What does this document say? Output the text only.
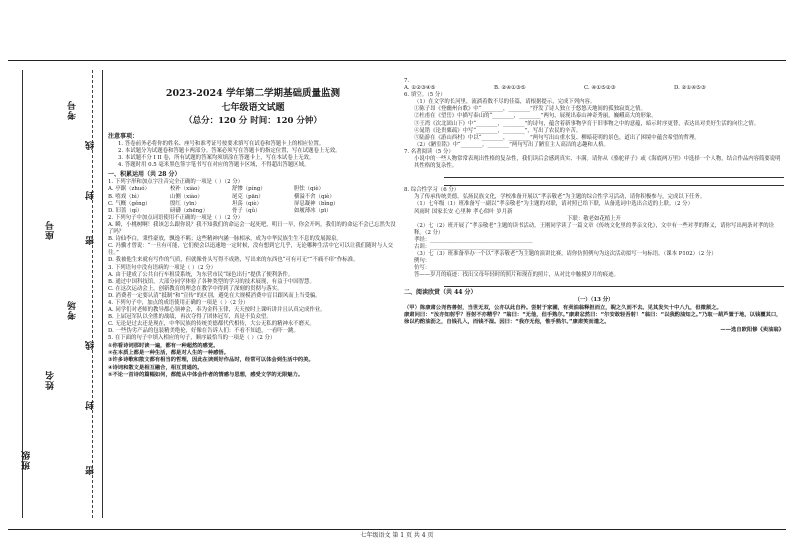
考号
座号
考场
姓名
班级
线
封
密
线
封
密
2023-2024 学年第二学期基础质量监测
七年级语文试题
（总分：120 分 时间：120 分钟）
注意事项：
1. 答卷前务必将你的姓名、座号和准考证号按要求填写在试卷和答题卡上的相应位置。
2. 本试题分为试题卷和答题卡两部分。答案必须写在答题卡的指定位置，写在试题卷上无效。
3. 本试题不分 I II 卷，所有试题的答案均须填涂在答题卡上，写在本试卷上无效。
4. 答题时用 0.5 毫米黑色签字笔书写在对应的答题卡区域，不得超出答题区域。
一、积累运用（共 28 分）
1. 下列字形和加点字注音完全正确的一项是（ ）（2 分）
A. 亭踞（zhuó）	校补（xiào）	舒惨（píng）	胆怯（qiè）
B. 嘻戏（bì）	山侧（xiào）	尾克（pān）	横溢不舍（qiè）
C. 气概（gěng）	殷红（yīn）	坦荡（qiè）	屏息凝神（bǐng）
D. 旧蔷（qí）	磅礴（zhēng）	骨子（qǔ）	如履薄冰（pī）
2. 下列句子中加点词语使用不正确的一项是（ ）（2 分）
A. 瞬，小桃树啊！我该怎么跟你说？我不知我们的命运会一起死吧，明日一早，你会开吗，我们的的命运不会已忘然失没了吗？
B. 诗仙李白，秉性豪放，飘逸不羁；这些精神内涵一脉相承，成为中华民族生生不息的发展源泉。
C. 冯骥才曾说：“一旦有可能，它们便会以迅速地一定时候，没有想到它几乎，无论哪种生活中它可以让我们随时与人交往。”
D. 我被他生来就有写作的气质，但就像骨头写得不成熟，写出来的东西也“可有可无”“不痛不痒”作标准。
3. 下列语句中没有语病的一项是（ ）（2 分）
A. 由于建成了公共自行车租赁系统，为东营市民“绿色出行”提供了便利条件。
B. 通过中国科技馆，大部分同学体验了各种类型的学习的技术展现，有益于中国智慧。
C. 在这次运动会上，创新教育的理念在教学中得到了深刻的贯彻与落实。
D. 消费者一定要认清“抵制”和“宣传”的区别，避免在大规模消费中盲目跟风而上当受骗。
4. 下列句子中，加点的成语使用正确的一项是（ ）（2 分）
A. 同学们对老师的教导都心领神会，奉为金科玉律，天天按时上课听讲并且认真完成作业。
B. 上届冠军队以全胜的战绩，再次夺得了团体冠军，真是不负众望。
C. 无论是过去还是现在，中华民族的传统美德都代代相传，大公无私的精神永不磨灭。
D. 一些伪劣产品的包装精美绝伦，好像在告诉人们：不看不知道，一看吓一跳。
5. 在下面的句子中填入相应的句子，顺序最恰当的一项是（ ）（2 分）
①你看诗词那时读一遍，都有一种超然的感觉。
②在本质上都是一种生活，都是对人生的一种感悟。
③许多诗歌和散文都有相当的哲理，因此在读到好作品时，经常可以体会到生活中的美。
④诗词和散文是相互融合，相互贯通的。
⑤不论一首诗的篇幅如何，都能从中体会作者的情感与思想，感受文学的无限魅力。
7.
A. ①②③④⑤	B. ②④①③⑤	C. ④①⑤②③	D. ②①④⑤③
6. 填空。（5 分）
（1）在文学的长河里，流淌着数不尽的佳篇，请根据提示，完成下列内容。
①陈子昂《登幽州台歌》中“________，________”抒发了诗人独立于悠悠天地间的孤独寂寞之情。
②杜甫在《望岳》中描写泰山的“________，________”两句，展现出泰山神奇秀丽，巍峨高大的形象。
③王湾《次北固山下》中“________，________”的诗句，蕴含着新事物孕育于旧事物之中的意蕴，暗示时序更替，表达出对美好生活的向往之情。
④晁错《论贵粟疏》中写“________，________”，写出了农民的辛苦。
⑤陆游在《游山西村》中以“________，________”两句写出山重水复、柳暗花明的景色，道出了困境中蕴含希望的哲理。
（2）《陋室铭》中“________，________”两句写出了陋室主人高洁的志趣和人格。
7. 名著阅读（5 分）
小说中的一些人物常常表现出性格的复杂性，我们读后会感到真实、丰满。请你从《骆驼祥子》或《海底两万里》中选择一个人物，结合作品内容简要说明其性格的复杂性。
8. 综合性学习（6 分）
为了传承传统美德，弘扬民族文化，学校准备开展以“孝亲敬老”为主题的综合性学习活动，请你积极参与，完成以下任务。
（1）七年级（1）班准备写一副以“孝亲敬老”为主题的对联，请对照已给下联，从备选词中选出合适的上联。（2 分）
风雨时 国家长安 心里种 孝心似叶 岁月新
下联：敬老如花植上开
（2）七（2）班开展了“孝亲敬老”主题的读书活动，王刚同学读了一篇文章《传统文化里的孝亲文化》，文中有一些对孝的释义，请你写出两条对孝的诠释。（2 分）
孝经：______________________________________
古训：______________________________________
（3）七（3）班准备举办一个以“孝亲敬老”为主题的演讲比赛，请你仿照例句为这次活动拟写一句标语。（课本 P102）（2 分）
例句：
仿写：______________________________________
答——岁月的痕迹：找出父母年轻时的照片和现在的照片，从对比中触摸岁月的痕迹。
二、阅读欣赏（共 44 分）
（一）（13 分）
（甲）陈康肃公尧咨善射，当世无双，公亦以此自矜。尝射于家圃，有卖油翁释担而立，睨之久而不去。见其发矢十中八九，但微颔之。
康肃问曰：“汝亦知射乎？吾射不亦精乎？”翁曰：“无他，但手熟尔。”康肃忿然曰：“尔安敢轻吾射！”翁曰：“以我酌油知之。”乃取一葫芦置于地，以钱覆其口，徐以杓酌油沥之，自钱孔入，而钱不湿。因曰：“我亦无他，惟手熟尔。”康肃笑而遣之。
——选自欧阳修《卖油翁》
七年级语文 第 1 页 共 4 页
